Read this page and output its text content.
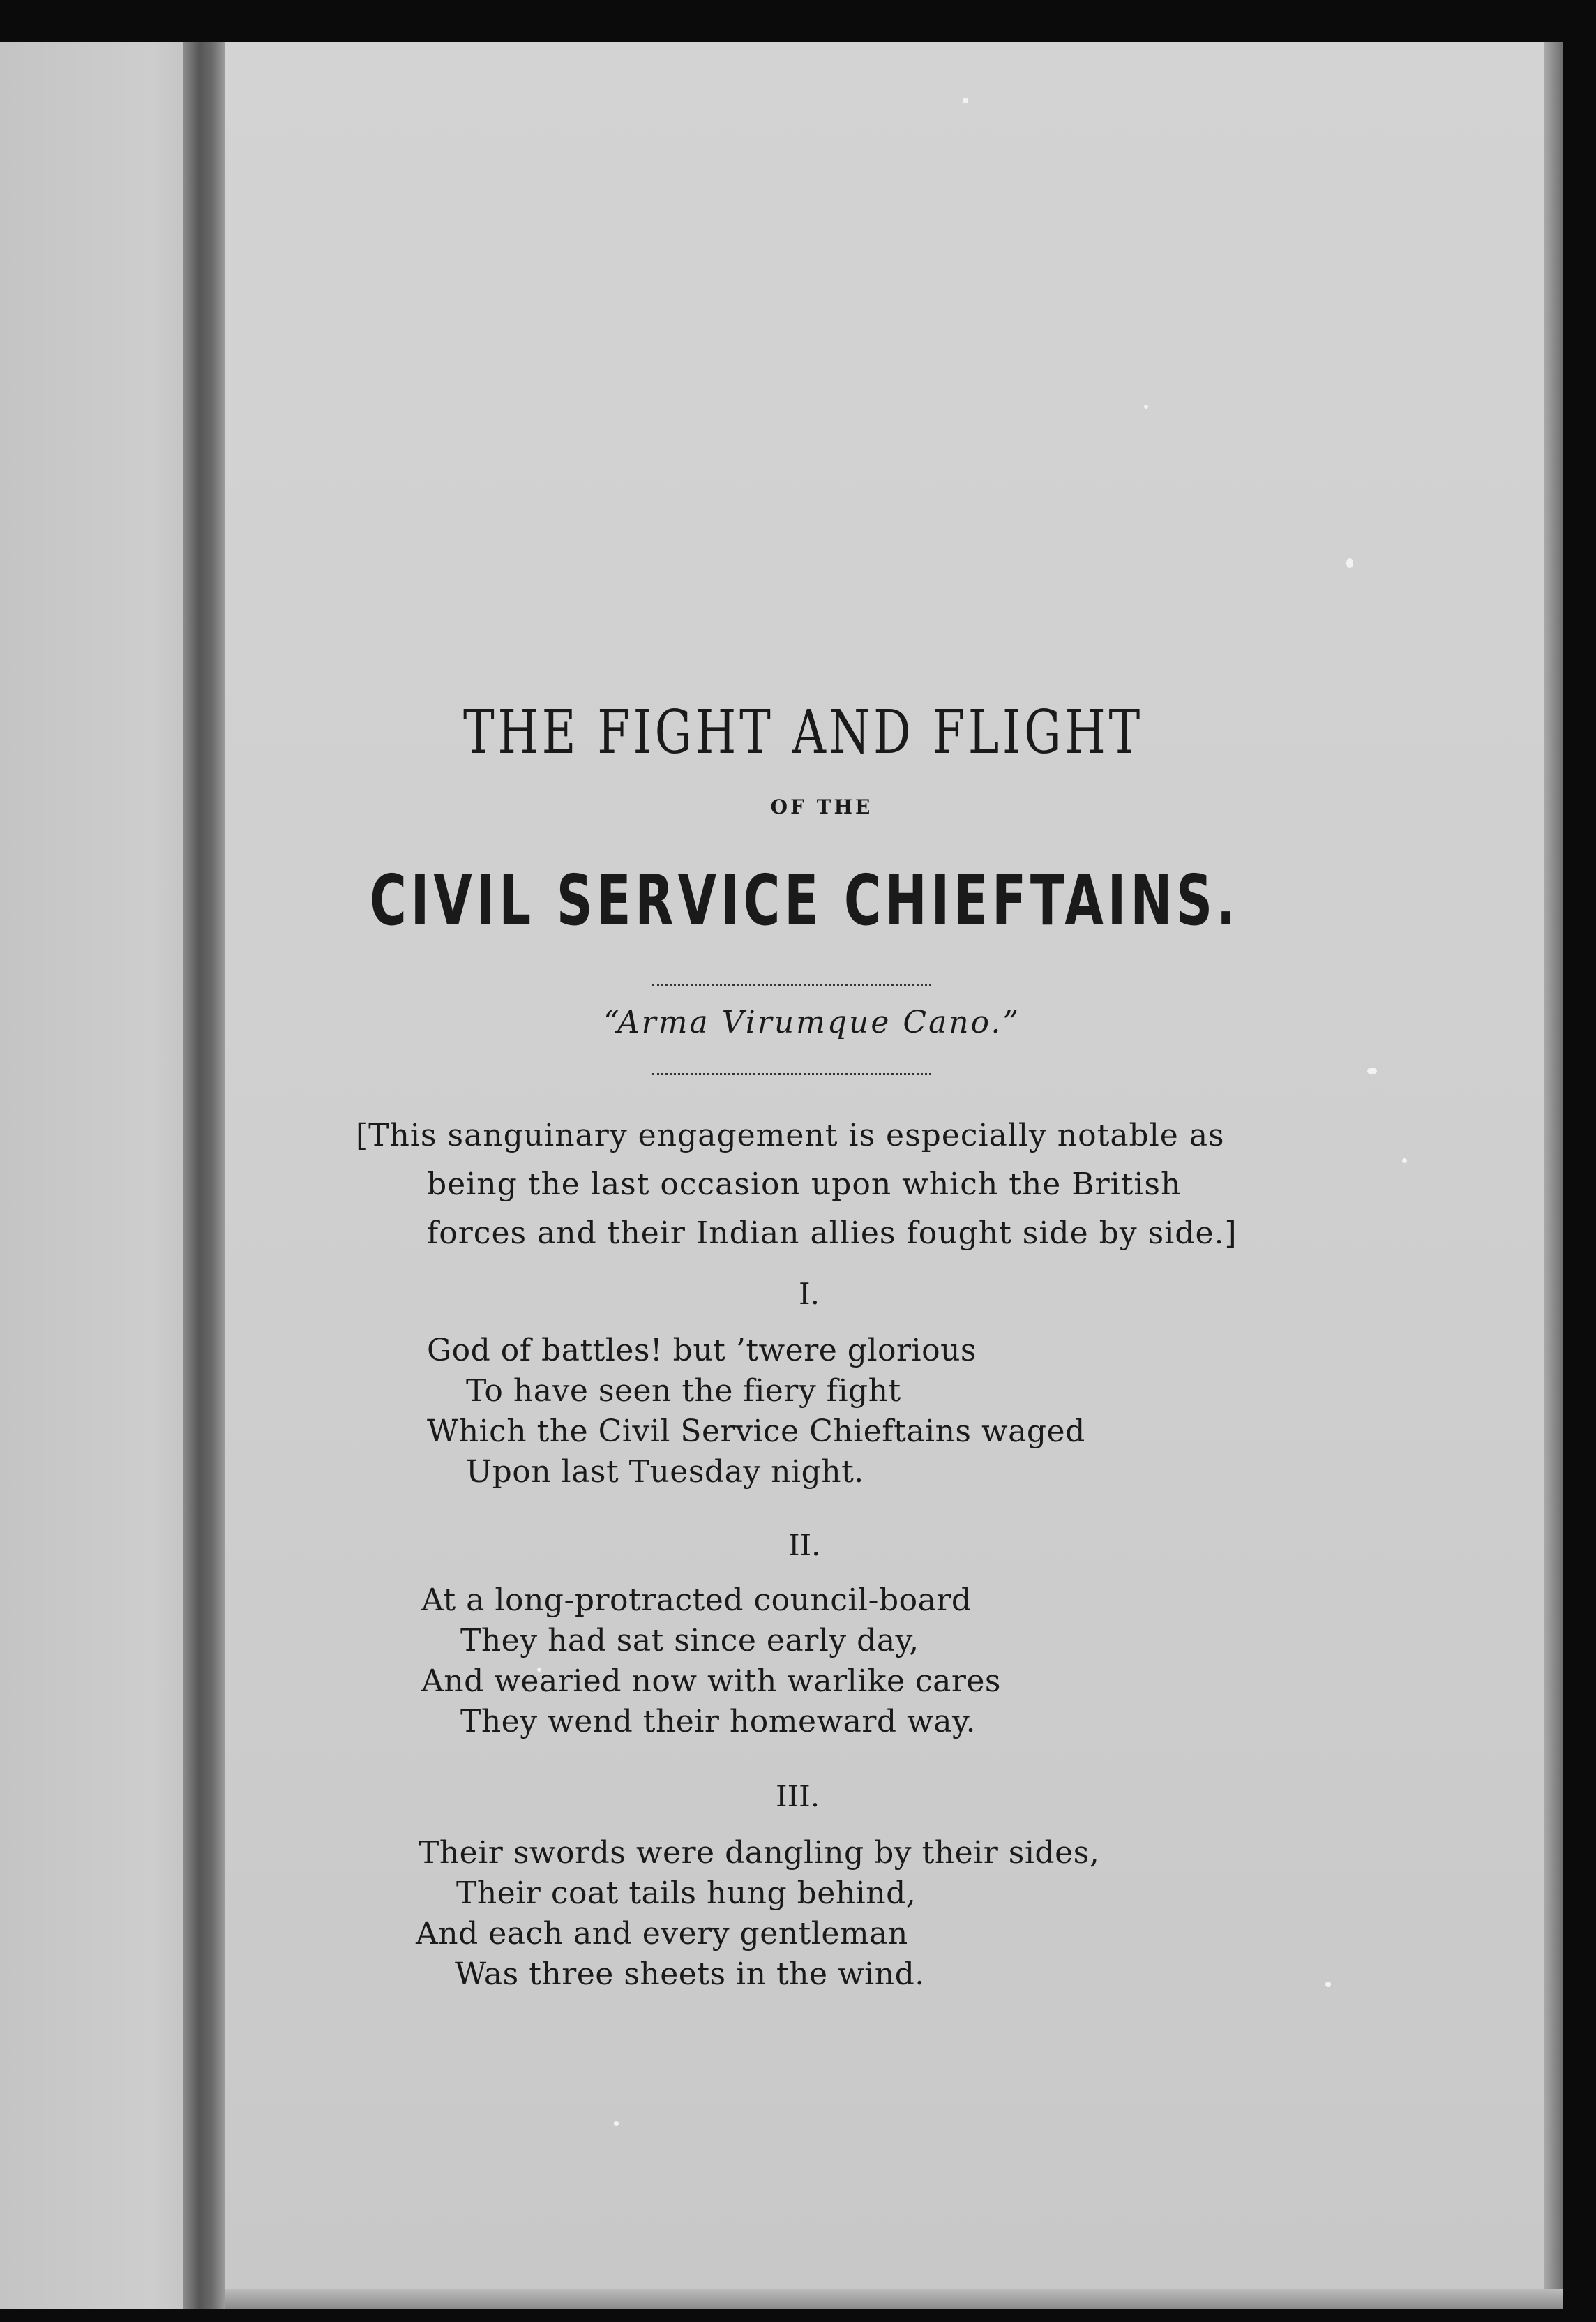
THE FIGHT AND FLIGHT
OF THE
CIVIL SERVICE CHIEFTAINS.
“Arma Virumque Cano.”
[This sanguinary engagement is especially notable as
being the last occasion upon which the British
forces and their Indian allies fought side by side.]
I.
God of battles! but ’twere glorious
To have seen the fiery fight
Which the Civil Service Chieftains waged
Upon last Tuesday night.
II.
At a long-protracted council-board
They had sat since early day,
And wearied now with warlike cares
They wend their homeward way.
III.
Their swords were dangling by their sides,
Their coat tails hung behind,
And each and every gentleman
Was three sheets in the wind.
